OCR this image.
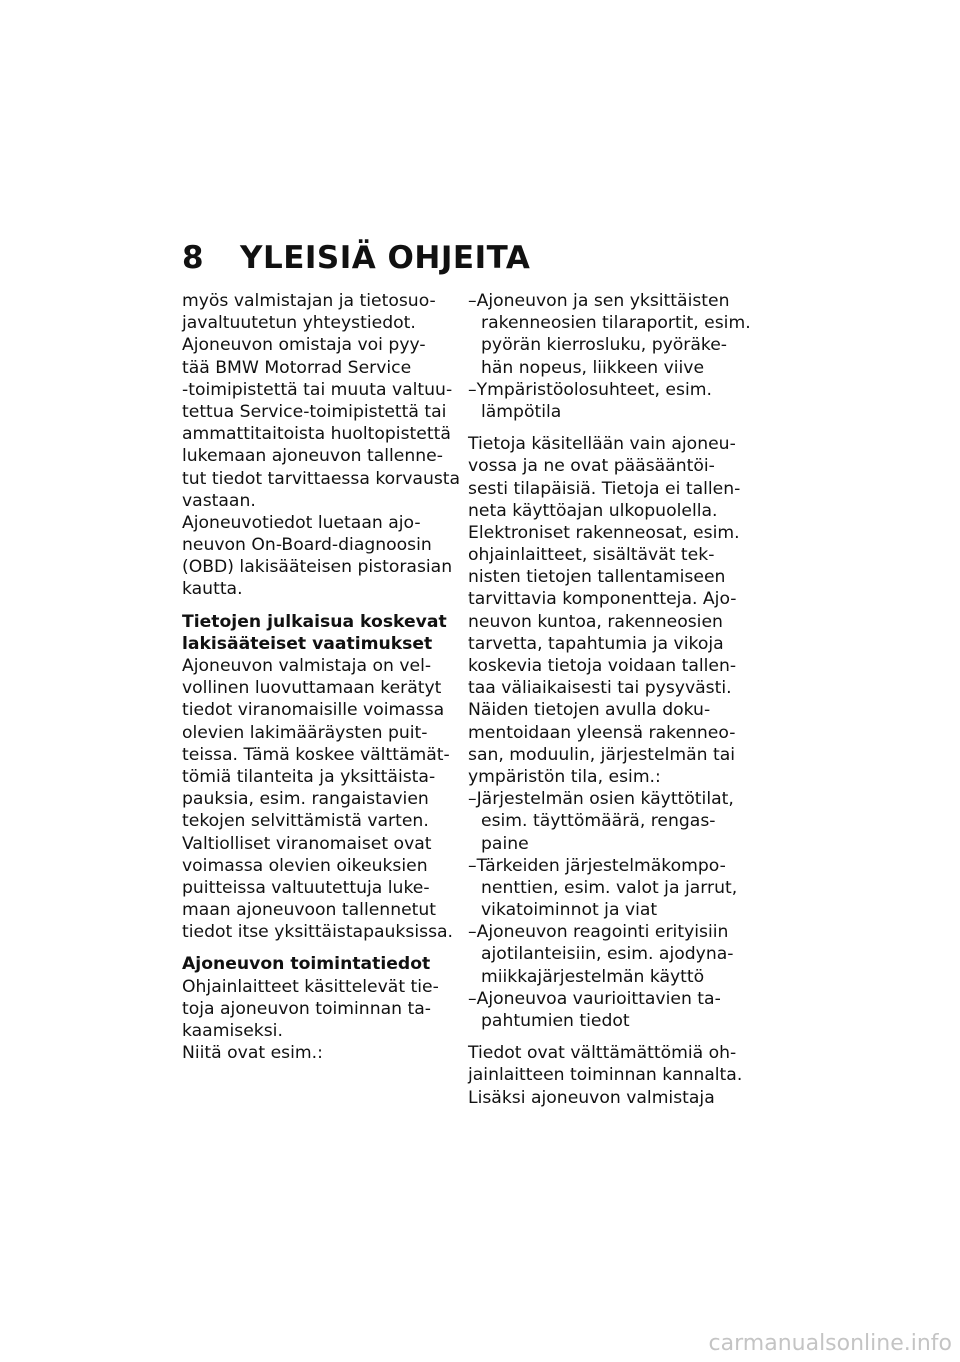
8 YLEISIÄ OHJEITA
myös valmistajan ja tietosuo-
javaltuutetun yhteystiedot.
Ajoneuvon omistaja voi pyy-
tää BMW Motorrad Service
-toimipistettä tai muuta valtuu-
tettua Service-toimipistettä tai
ammattitaitoista huoltopistettä
lukemaan ajoneuvon tallenne-
tut tiedot tarvittaessa korvausta
vastaan.
Ajoneuvotiedot luetaan ajo-
neuvon On-Board-diagnoosin
(OBD) lakisääteisen pistorasian
kautta.
Tietojen julkaisua koskevat
lakisääteiset vaatimukset
Ajoneuvon valmistaja on vel-
vollinen luovuttamaan kerätyt
tiedot viranomaisille voimassa
olevien lakimääräysten puit-
teissa. Tämä koskee välttämät-
tömiä tilanteita ja yksittäista-
pauksia, esim. rangaistavien
tekojen selvittämistä varten.
Valtiolliset viranomaiset ovat
voimassa olevien oikeuksien
puitteissa valtuutettuja luke-
maan ajoneuvoon tallennetut
tiedot itse yksittäistapauksissa.
Ajoneuvon toimintatiedot
Ohjainlaitteet käsittelevät tie-
toja ajoneuvon toiminnan ta-
kaamiseksi.
Niitä ovat esim.:
–Ajoneuvon ja sen yksittäisten
rakenneosien tilaraportit, esim.
pyörän kierrosluku, pyöräke-
hän nopeus, liikkeen viive
–Ympäristöolosuhteet, esim.
lämpötila
Tietoja käsitellään vain ajoneu-
vossa ja ne ovat pääsääntöi-
sesti tilapäisiä. Tietoja ei tallen-
neta käyttöajan ulkopuolella.
Elektroniset rakenneosat, esim.
ohjainlaitteet, sisältävät tek-
nisten tietojen tallentamiseen
tarvittavia komponentteja. Ajo-
neuvon kuntoa, rakenneosien
tarvetta, tapahtumia ja vikoja
koskevia tietoja voidaan tallen-
taa väliaikaisesti tai pysyvästi.
Näiden tietojen avulla doku-
mentoidaan yleensä rakenneo-
san, moduulin, järjestelmän tai
ympäristön tila, esim.:
–Järjestelmän osien käyttötilat,
esim. täyttömäärä, rengas-
paine
–Tärkeiden järjestelmäkompo-
nenttien, esim. valot ja jarrut,
vikatoiminnot ja viat
–Ajoneuvon reagointi erityisiin
ajotilanteisiin, esim. ajodyna-
miikkajärjestelmän käyttö
–Ajoneuvoa vaurioittavien ta-
pahtumien tiedot
Tiedot ovat välttämättömiä oh-
jainlaitteen toiminnan kannalta.
Lisäksi ajoneuvon valmistaja
carmanualsonline.info
